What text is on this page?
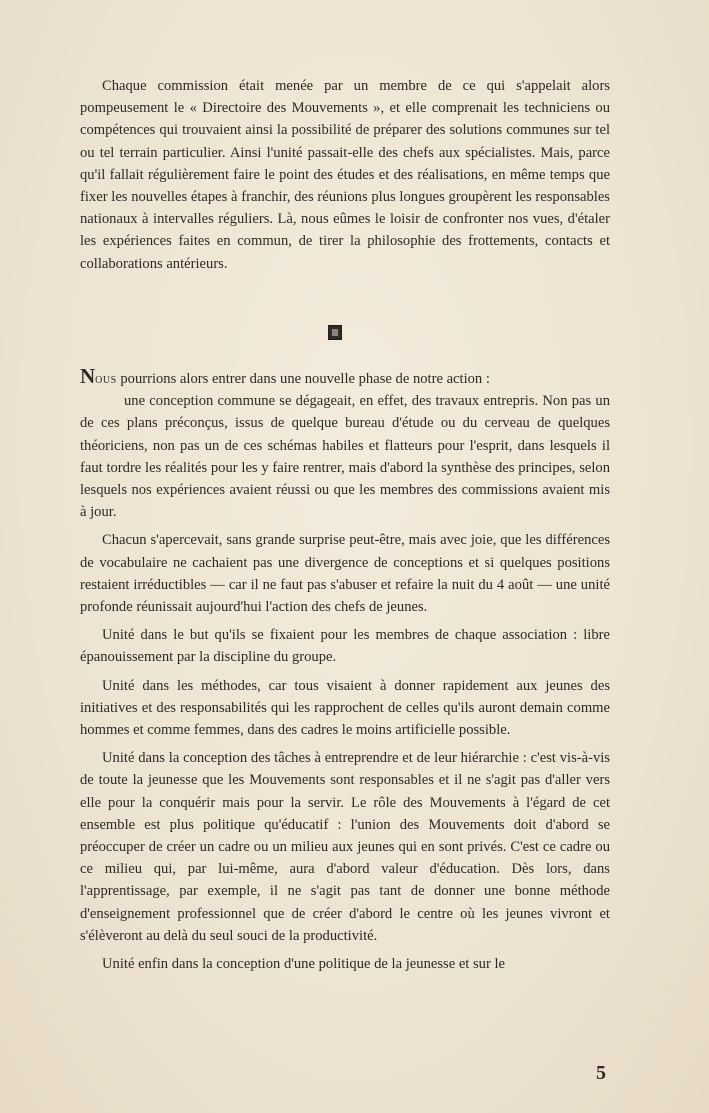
Chaque commission était menée par un membre de ce qui s'appelait alors pompeusement le « Directoire des Mouvements », et elle comprenait les techniciens ou compétences qui trouvaient ainsi la possibilité de préparer des solutions communes sur tel ou tel terrain particulier. Ainsi l'unité passait-elle des chefs aux spécialistes. Mais, parce qu'il fallait régulièrement faire le point des études et des réalisations, en même temps que fixer les nouvelles étapes à franchir, des réunions plus longues groupèrent les responsables nationaux à intervalles réguliers. Là, nous eûmes le loisir de confronter nos vues, d'étaler les expériences faites en commun, de tirer la philosophie des frottements, contacts et collaborations antérieurs.

Nous pourrions alors entrer dans une nouvelle phase de notre action :
une conception commune se dégageait, en effet, des travaux entrepris. Non pas un de ces plans préconçus, issus de quelque bureau d'étude ou du cerveau de quelques théoriciens, non pas un de ces schémas habiles et flatteurs pour l'esprit, dans lesquels il faut tordre les réalités pour les y faire rentrer, mais d'abord la synthèse des principes, selon lesquels nos expériences avaient réussi ou que les membres des commissions avaient mis à jour.

Chacun s'apercevait, sans grande surprise peut-être, mais avec joie, que les différences de vocabulaire ne cachaient pas une divergence de conceptions et si quelques positions restaient irréductibles — car il ne faut pas s'abuser et refaire la nuit du 4 août — une unité profonde réunissait aujourd'hui l'action des chefs de jeunes.

Unité dans le but qu'ils se fixaient pour les membres de chaque association : libre épanouissement par la discipline du groupe.

Unité dans les méthodes, car tous visaient à donner rapidement aux jeunes des initiatives et des responsabilités qui les rapprochent de celles qu'ils auront demain comme hommes et comme femmes, dans des cadres le moins artificielle possible.

Unité dans la conception des tâches à entreprendre et de leur hiérarchie : c'est vis-à-vis de toute la jeunesse que les Mouvements sont responsables et il ne s'agit pas d'aller vers elle pour la conquérir mais pour la servir. Le rôle des Mouvements à l'égard de cet ensemble est plus politique qu'éducatif : l'union des Mouvements doit d'abord se préoccuper de créer un cadre ou un milieu aux jeunes qui en sont privés. C'est ce cadre ou ce milieu qui, par lui-même, aura d'abord valeur d'éducation. Dès lors, dans l'apprentissage, par exemple, il ne s'agit pas tant de donner une bonne méthode d'enseignement professionnel que de créer d'abord le centre où les jeunes vivront et s'élèveront au delà du seul souci de la productivité.

Unité enfin dans la conception d'une politique de la jeunesse et sur le

5
